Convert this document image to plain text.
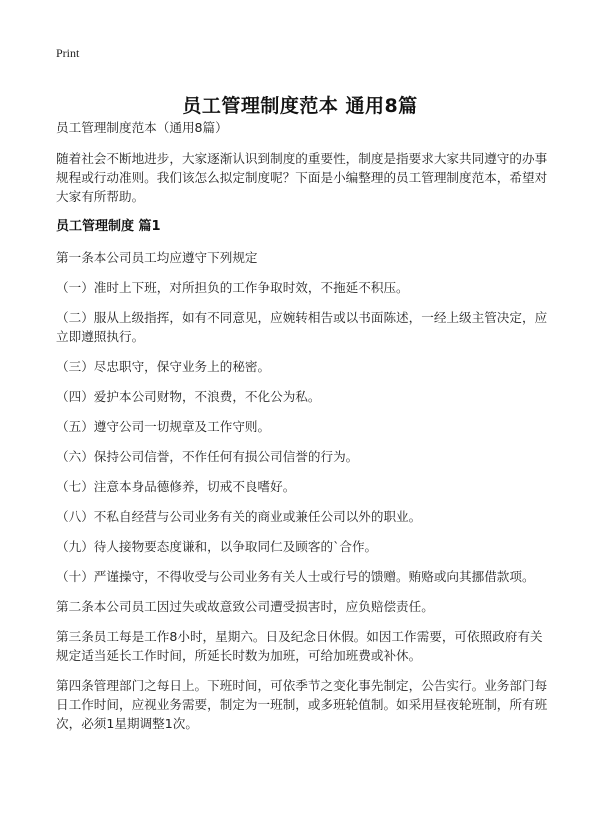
Print
员工管理制度范本 通用8篇

员工管理制度范本（通用8篇）

随着社会不断地进步，大家逐渐认识到制度的重要性，制度是指要求大家共同遵守的办事规程或行动准则。我们该怎么拟定制度呢？下面是小编整理的员工管理制度范本，希望对大家有所帮助。

员工管理制度 篇1

第一条本公司员工均应遵守下列规定

（一）准时上下班，对所担负的工作争取时效，不拖延不积压。

（二）服从上级指挥，如有不同意见，应婉转相告或以书面陈述，一经上级主管决定，应立即遵照执行。

（三）尽忠职守，保守业务上的秘密。

（四）爱护本公司财物，不浪费，不化公为私。

（五）遵守公司一切规章及工作守则。

（六）保持公司信誉，不作任何有损公司信誉的行为。

（七）注意本身品德修养，切戒不良嗜好。

（八）不私自经营与公司业务有关的商业或兼任公司以外的职业。

（九）待人接物要态度谦和，以争取同仁及顾客的`合作。

（十）严谨操守，不得收受与公司业务有关人士或行号的馈赠。贿赂或向其挪借款项。

第二条本公司员工因过失或故意致公司遭受损害时，应负赔偿责任。

第三条员工每是工作8小时，星期六。日及纪念日休假。如因工作需要，可依照政府有关规定适当延长工作时间，所延长时数为加班，可给加班费或补休。

第四条管理部门之每日上。下班时间，可依季节之变化事先制定，公告实行。业务部门每日工作时间，应视业务需要，制定为一班制，或多班轮值制。如采用昼夜轮班制，所有班次，必须1星期调整1次。
